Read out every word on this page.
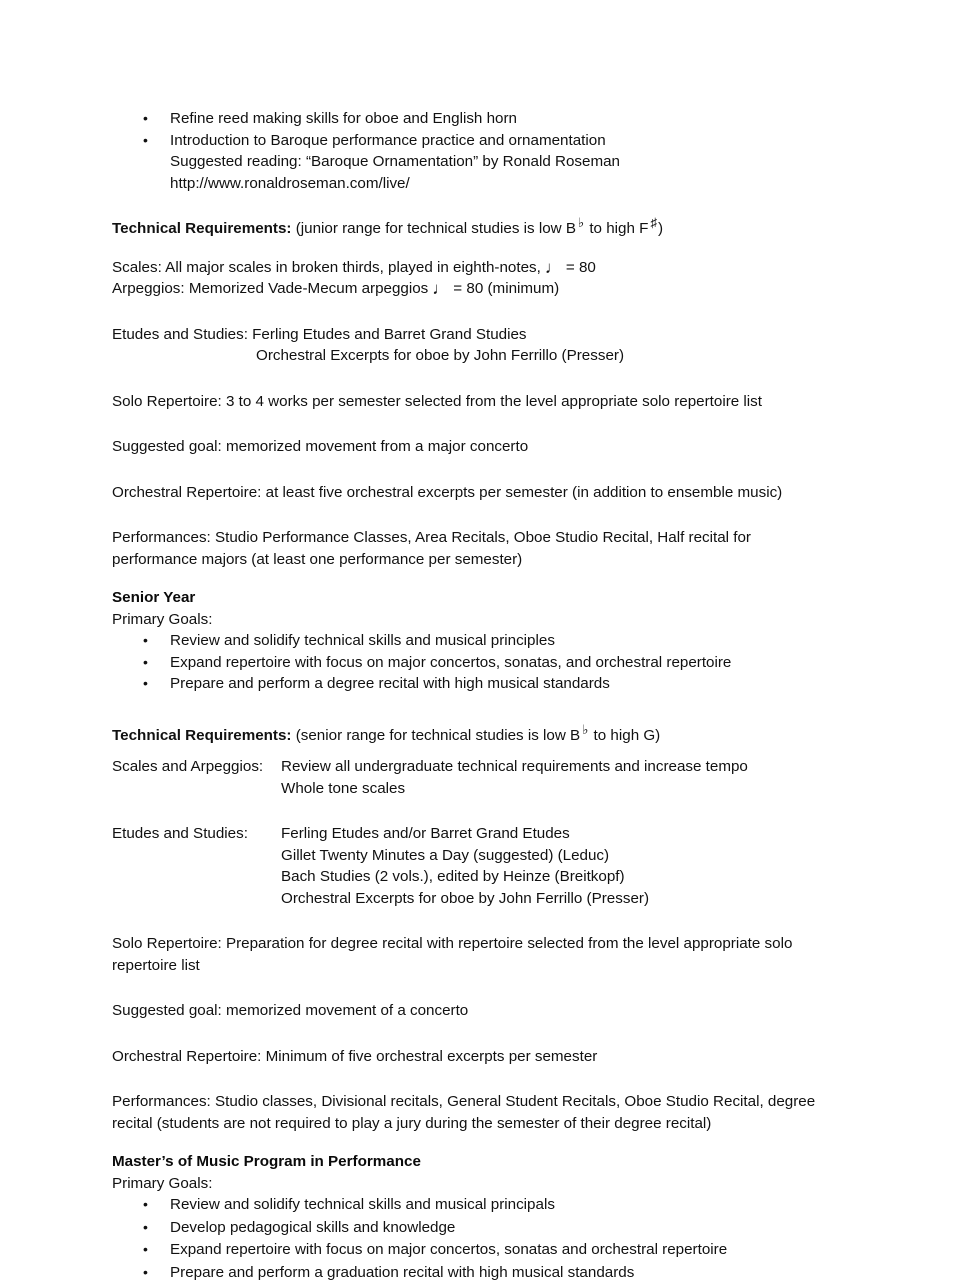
• Refine reed making skills for oboe and English horn
• Introduction to Baroque performance practice and ornamentation
Suggested reading: “Baroque Ornamentation” by Ronald Roseman
http://www.ronaldroseman.com/live/

Technical Requirements: (junior range for technical studies is low B ♭ to high F ♯)

Scales: All major scales in broken thirds, played in eighth-notes, ♩ = 80

Arpeggios: Memorized Vade-Mecum arpeggios ♩ = 80 (minimum)

Etudes and Studies: Ferling Etudes and Barret Grand Studies

Orchestral Excerpts for oboe by John Ferrillo (Presser)

Solo Repertoire: 3 to 4 works per semester selected from the level appropriate solo repertoire list

Suggested goal: memorized movement from a major concerto

Orchestral Repertoire: at least five orchestral excerpts per semester (in addition to ensemble music)

Performances: Studio Performance Classes, Area Recitals, Oboe Studio Recital, Half recital for performance majors (at least one performance per semester)

Senior Year

Primary Goals:

• Review and solidify technical skills and musical principles
• Expand repertoire with focus on major concertos, sonatas, and orchestral repertoire
• Prepare and perform a degree recital with high musical standards

Technical Requirements: (senior range for technical studies is low B ♭ to high G)

Scales and Arpeggios:	Review all undergraduate technical requirements and increase tempo
Whole tone scales
Etudes and Studies:	Ferling Etudes and/or Barret Grand Etudes
Gillet Twenty Minutes a Day (suggested) (Leduc)
Bach Studies (2 vols.), edited by Heinze (Breitkopf)
Orchestral Excerpts for oboe by John Ferrillo (Presser)

Solo Repertoire: Preparation for degree recital with repertoire selected from the level appropriate solo repertoire list

Suggested goal: memorized movement of a concerto

Orchestral Repertoire: Minimum of five orchestral excerpts per semester

Performances: Studio classes, Divisional recitals, General Student Recitals, Oboe Studio Recital, degree recital (students are not required to play a jury during the semester of their degree recital)

Master’s of Music Program in Performance

Primary Goals:

• Review and solidify technical skills and musical principals
• Develop pedagogical skills and knowledge
• Expand repertoire with focus on major concertos, sonatas and orchestral repertoire
• Prepare and perform a graduation recital with high musical standards
